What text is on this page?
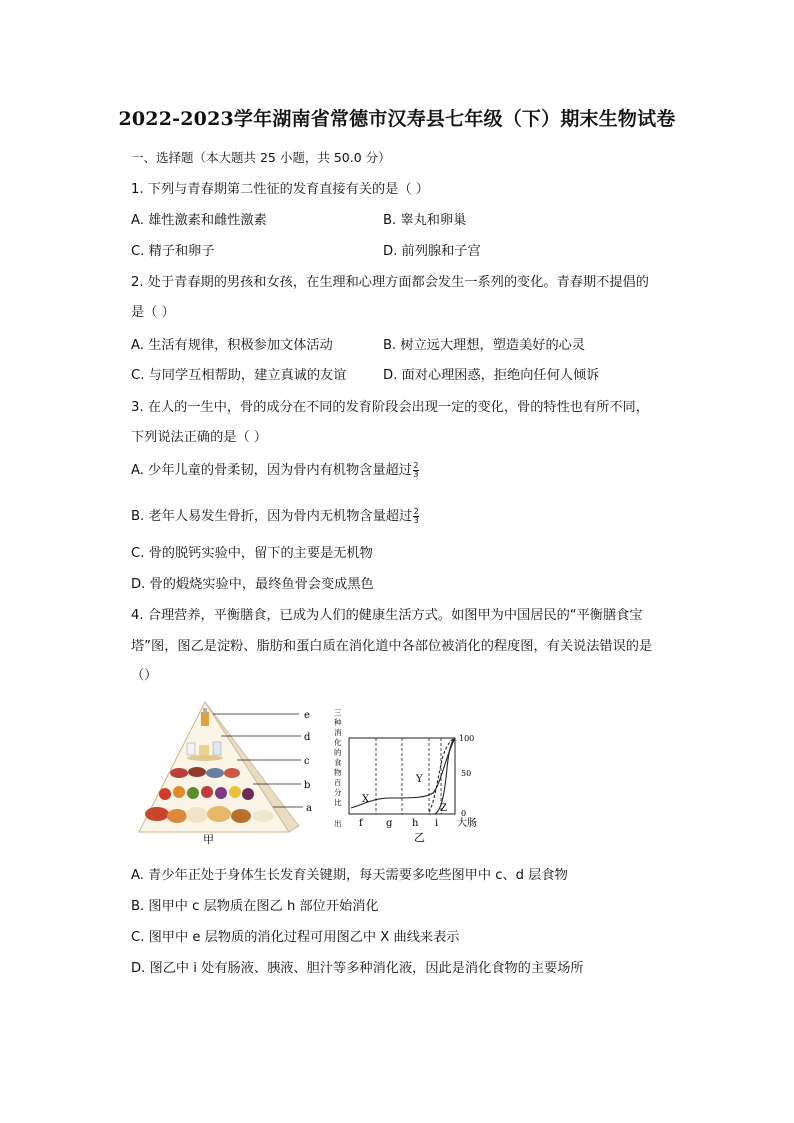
2022-2023学年湖南省常德市汉寿县七年级（下）期末生物试卷
一、选择题（本大题共 25 小题，共 50.0 分）
1. 下列与青春期第二性征的发育直接有关的是（ ）
A. 雄性激素和雌性激素	B. 睾丸和卵巢
C. 精子和卵子	D. 前列腺和子宫
2. 处于青春期的男孩和女孩，在生理和心理方面都会发生一系列的变化。青春期不提倡的
是（ ）
A. 生活有规律，积极参加文体活动	B. 树立远大理想，塑造美好的心灵
C. 与同学互相帮助，建立真诚的友谊	D. 面对心理困惑，拒绝向任何人倾诉
3. 在人的一生中，骨的成分在不同的发育阶段会出现一定的变化，骨的特性也有所不同，
下列说法正确的是（ ）
A. 少年儿童的骨柔韧，因为骨内有机物含量超过 $\frac{2}{3}$
B. 老年人易发生骨折，因为骨内无机物含量超过 $\frac{2}{3}$
C. 骨的脱钙实验中，留下的主要是无机物
D. 骨的煅烧实验中，最终鱼骨会变成黑色
4. 合理营养，平衡膳食，已成为人们的健康生活方式。如图甲为中国居民的“平衡膳食宝
塔”图，图乙是淀粉、脂肪和蛋白质在消化道中各部位被消化的程度图，有关说法错误的是
（）
e
d
c
b
a
甲
三
种
消
化
的
食
物
百
分
比
出
100
50
0
X
Y
Z
f g h i 大肠
乙
A. 青少年正处于身体生长发育关键期，每天需要多吃些图甲中 c、d 层食物
B. 图甲中 c 层物质在图乙 h 部位开始消化
C. 图甲中 e 层物质的消化过程可用图乙中 X 曲线来表示
D. 图乙中 i 处有肠液、胰液、胆汁等多种消化液，因此是消化食物的主要场所
